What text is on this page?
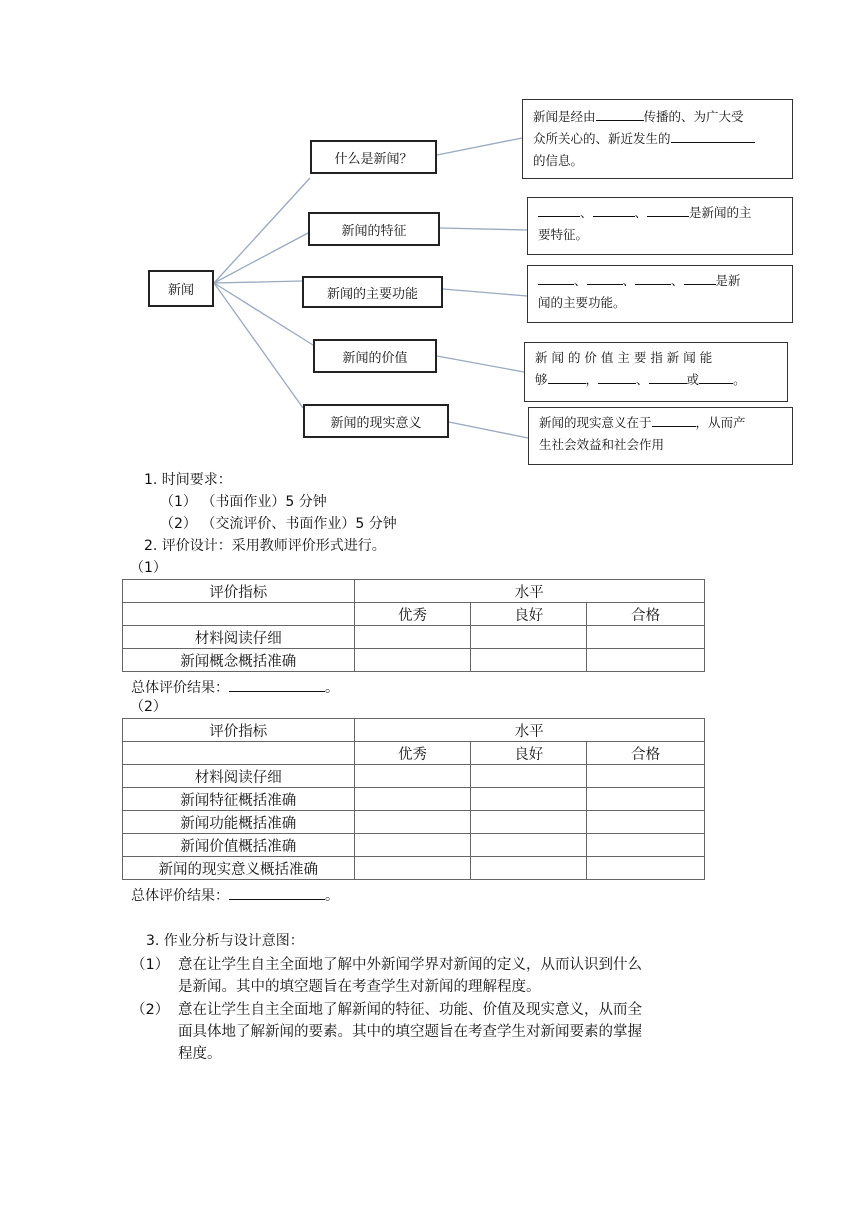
新闻
什么是新闻？
新闻的特征
新闻的主要功能
新闻的价值
新闻的现实意义
新闻是经由	传播的、为广大受
众所关心的、新近发生的
的信息。
、	、	是新闻的主
要特征。
、	、	、	是新
闻的主要功能。
新 闻 的 价 值 主 要 指 新 闻 能
够	，	、	或	。
新闻的现实意义在于	，从而产
生社会效益和社会作用
1. 时间要求：
（1） （书面作业）5 分钟
（2） （交流评价、书面作业）5 分钟
2. 评价设计：采用教师评价形式进行。
（1）
评价指标	水平		
	优秀	良好	合格
材料阅读仔细			
新闻概念概括准确			
总体评价结果：	。
（2）
评价指标	水平		
	优秀	良好	合格
材料阅读仔细			
新闻特征概括准确			
新闻功能概括准确			
新闻价值概括准确			
新闻的现实意义概括准确			
总体评价结果：	。
3. 作业分析与设计意图：
（1） 意在让学生自主全面地了解中外新闻学界对新闻的定义，从而认识到什么
是新闻。其中的填空题旨在考查学生对新闻的理解程度。
（2） 意在让学生自主全面地了解新闻的特征、功能、价值及现实意义，从而全
面具体地了解新闻的要素。其中的填空题旨在考查学生对新闻要素的掌握
程度。
